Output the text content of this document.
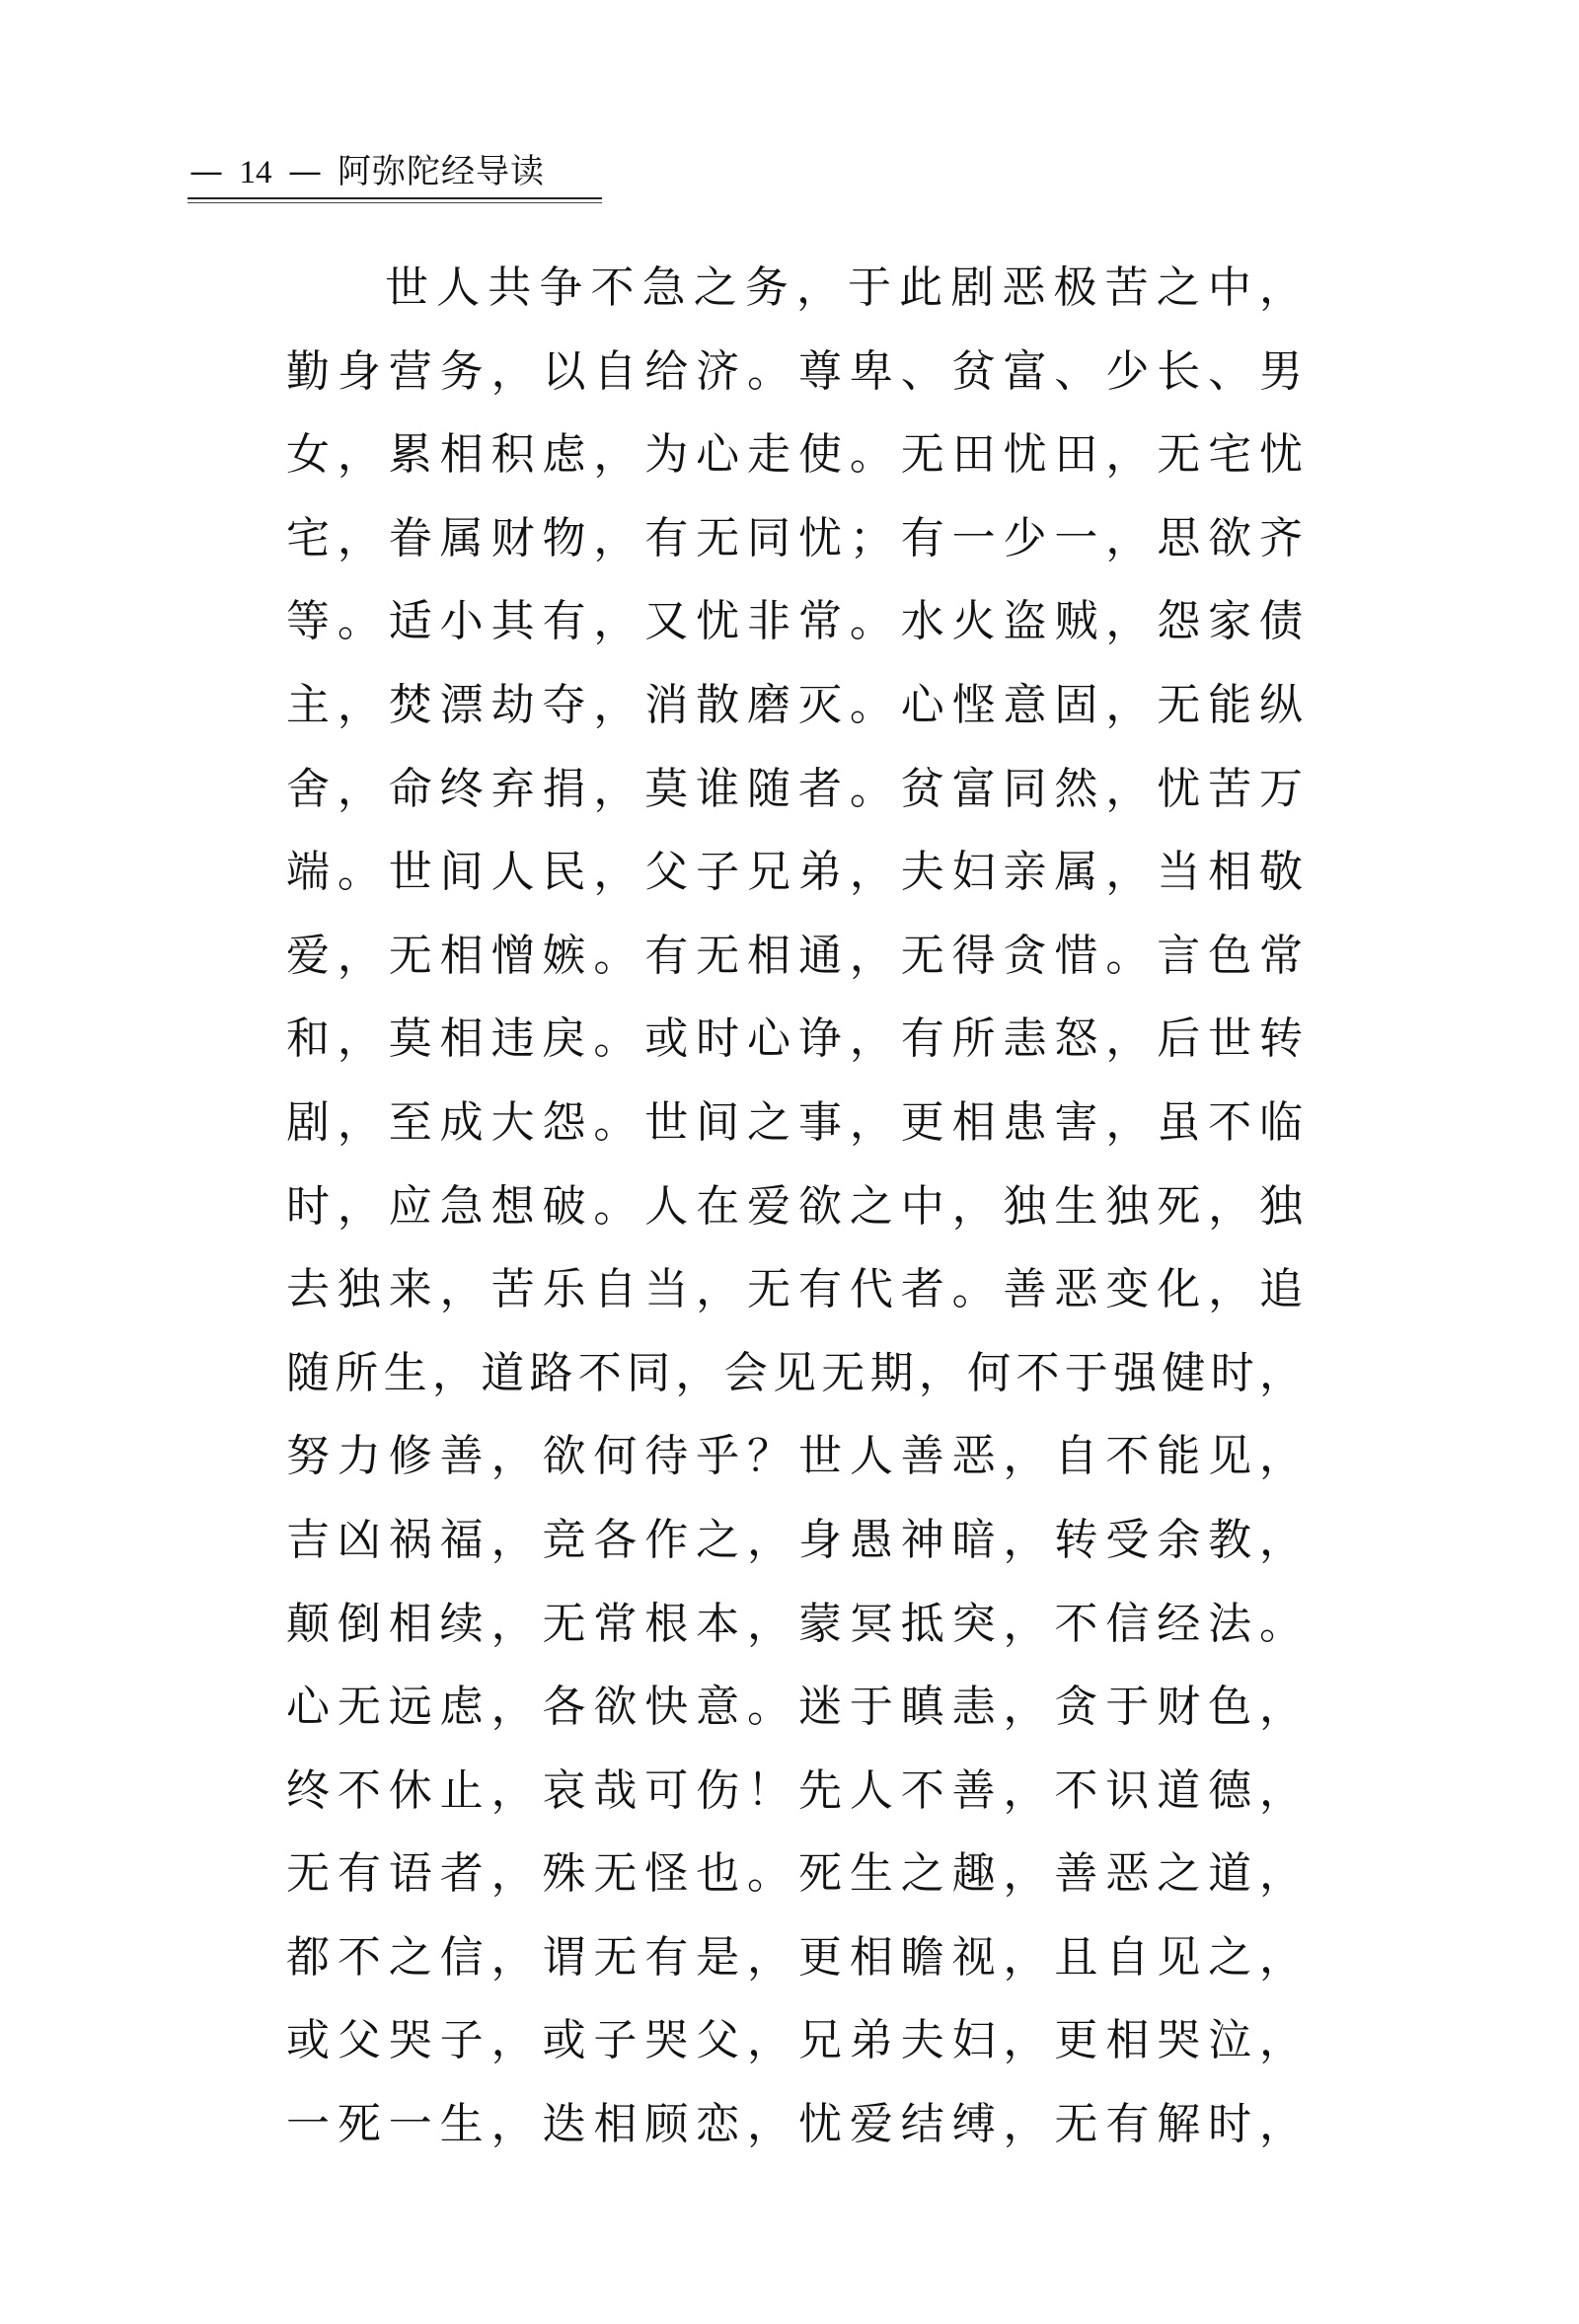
— 14 — 阿弥陀经导读
世人共争不急之务，于此剧恶极苦之中，
勤身营务，以自给济。尊卑、贫富、少长、男
女，累相积虑，为心走使。无田忧田，无宅忧
宅，眷属财物，有无同忧；有一少一，思欲齐
等。适小其有，又忧非常。水火盗贼，怨家债
主，焚漂劫夺，消散磨灭。心悭意固，无能纵
舍，命终弃捐，莫谁随者。贫富同然，忧苦万
端。世间人民，父子兄弟，夫妇亲属，当相敬
爱，无相憎嫉。有无相通，无得贪惜。言色常
和，莫相违戾。或时心诤，有所恚怒，后世转
剧，至成大怨。世间之事，更相患害，虽不临
时，应急想破。人在爱欲之中，独生独死，独
去独来，苦乐自当，无有代者。善恶变化，追
随所生，道路不同，会见无期，何不于强健时，
努力修善，欲何待乎？世人善恶，自不能见，
吉凶祸福，竞各作之，身愚神暗，转受余教，
颠倒相续，无常根本，蒙冥抵突，不信经法。
心无远虑，各欲快意。迷于瞋恚，贪于财色，
终不休止，哀哉可伤！先人不善，不识道德，
无有语者，殊无怪也。死生之趣，善恶之道，
都不之信，谓无有是，更相瞻视，且自见之，
或父哭子，或子哭父，兄弟夫妇，更相哭泣，
一死一生，迭相顾恋，忧爱结缚，无有解时，
